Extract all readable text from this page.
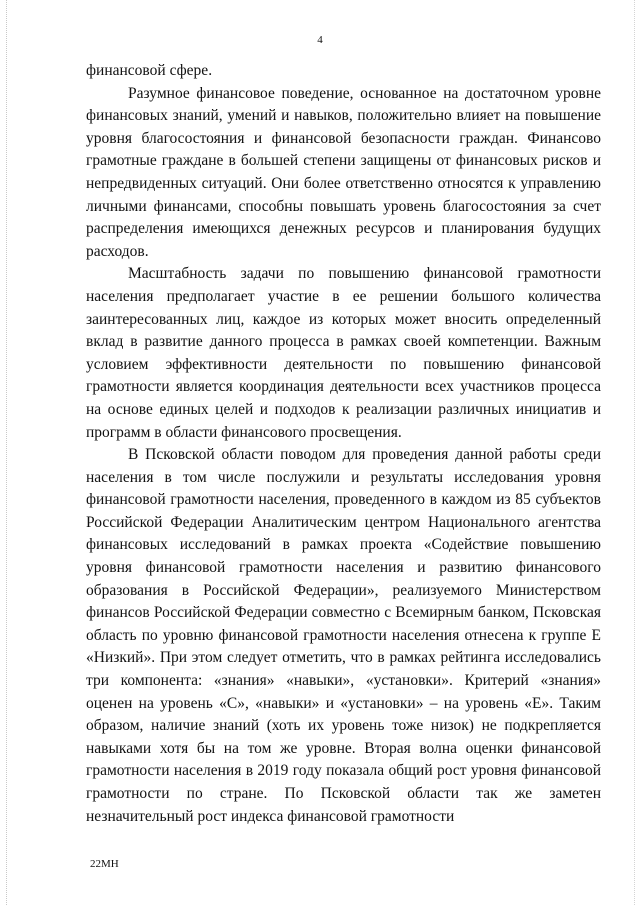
4

финансовой сфере.

Разумное финансовое поведение, основанное на достаточном уровне финансовых знаний, умений и навыков, положительно влияет на повышение уровня благосостояния и финансовой безопасности граждан. Финансово грамотные граждане в большей степени защищены от финансовых рисков и непредвиденных ситуаций. Они более ответственно относятся к управлению личными финансами, способны повышать уровень благосостояния за счет распределения имеющихся денежных ресурсов и планирования будущих расходов.

Масштабность задачи по повышению финансовой грамотности населения предполагает участие в ее решении большого количества заинтересованных лиц, каждое из которых может вносить определенный вклад в развитие данного процесса в рамках своей компетенции. Важным условием эффективности деятельности по повышению финансовой грамотности является координация деятельности всех участников процесса на основе единых целей и подходов к реализации различных инициатив и программ в области финансового просвещения.

В Псковской области поводом для проведения данной работы среди населения в том числе послужили и результаты исследования уровня финансовой грамотности населения, проведенного в каждом из 85 субъектов Российской Федерации Аналитическим центром Национального агентства финансовых исследований в рамках проекта «Содействие повышению уровня финансовой грамотности населения и развитию финансового образования в Российской Федерации», реализуемого Министерством финансов Российской Федерации совместно с Всемирным банком, Псковская область по уровню финансовой грамотности населения отнесена к группе Е «Низкий». При этом следует отметить, что в рамках рейтинга исследовались три компонента: «знания» «навыки», «установки». Критерий «знания» оценен на уровень «С», «навыки» и «установки» – на уровень «Е». Таким образом, наличие знаний (хоть их уровень тоже низок) не подкрепляется навыками хотя бы на том же уровне. Вторая волна оценки финансовой грамотности населения в 2019 году показала общий рост уровня финансовой грамотности по стране. По Псковской области так же заметен незначительный рост индекса финансовой грамотности

22МН
